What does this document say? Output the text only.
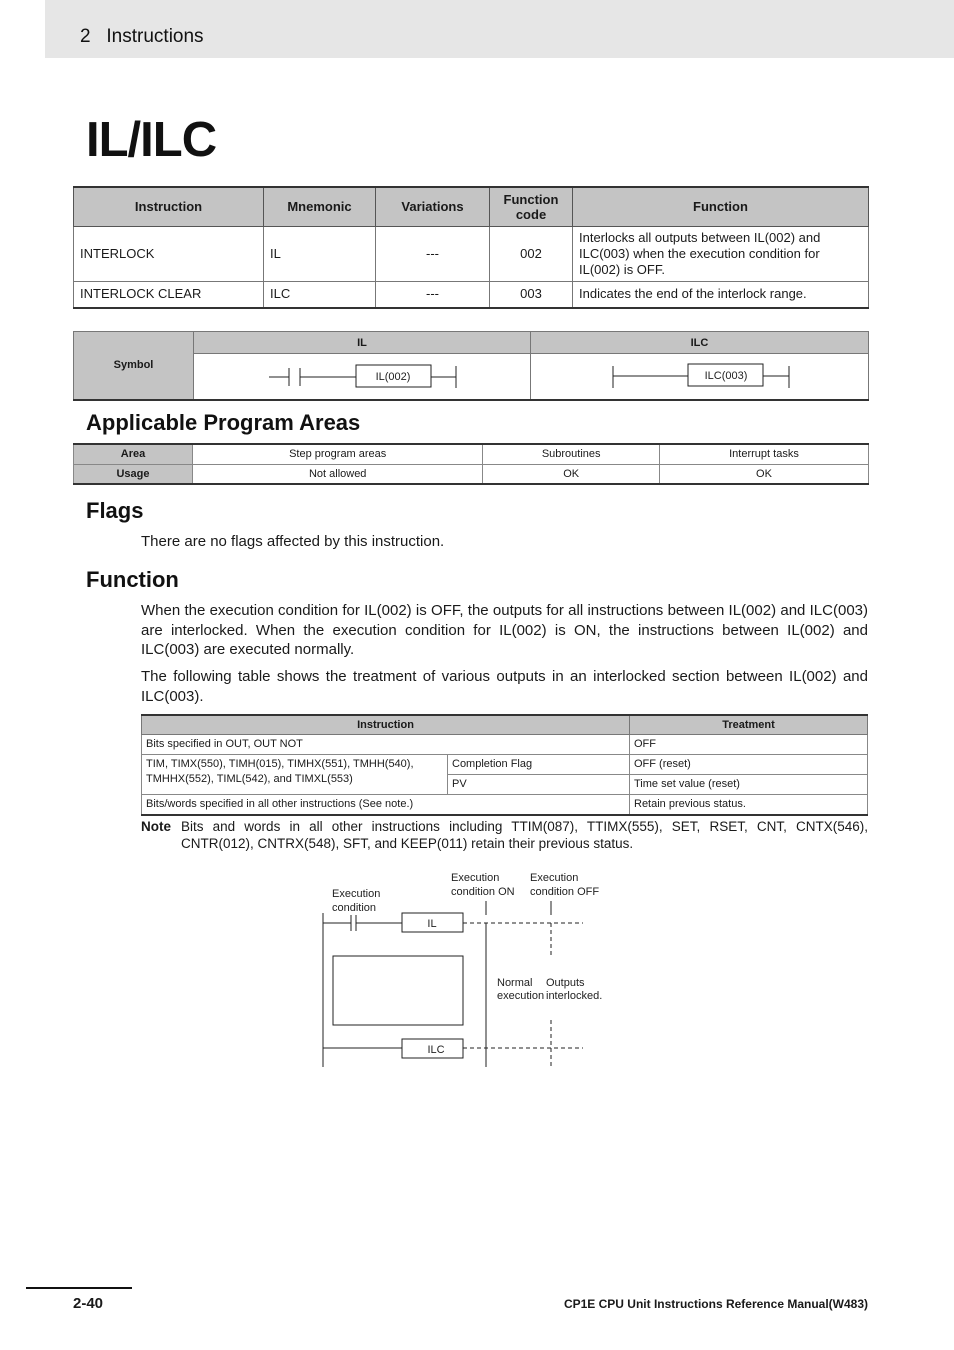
2   Instructions
IL/ILC
Instruction	Mnemonic	Variations	Function code	Function
INTERLOCK	IL	---	002	Interlocks all outputs between IL(002) and ILC(003) when the execution condition for IL(002) is OFF.
INTERLOCK CLEAR	ILC	---	003	Indicates the end of the interlock range.
Symbol	IL	ILC

IL(002)	ILC(003)
Applicable Program Areas
Area	Step program areas	Subroutines	Interrupt tasks
Usage	Not allowed	OK	OK
Flags
There are no flags affected by this instruction.
Function
When the execution condition for IL(002) is OFF, the outputs for all instructions between IL(002) and ILC(003) are interlocked. When the execution condition for IL(002) is ON, the instructions between IL(002) and ILC(003) are executed normally.
The following table shows the treatment of various outputs in an interlocked section between IL(002) and ILC(003).
Instruction		Treatment
Bits specified in OUT, OUT NOT		OFF
TIM, TIMX(550), TIMH(015), TIMHX(551), TMHH(540), TMHHX(552), TIML(542), and TIMXL(553)	Completion Flag	OFF (reset)
	PV	Time set value (reset)
Bits/words specified in all other instructions (See note.)		Retain previous status.
Note Bits and words in all other instructions including TTIM(087), TTIMX(555), SET, RSET, CNT, CNTX(546), CNTR(012), CNTRX(548), SFT, and KEEP(011) retain their previous status.
Execution
condition
Execution
condition ON
Execution
condition OFF
Normal
execution
Outputs
interlocked.
IL
ILC
2-40	CP1E CPU Unit Instructions Reference Manual(W483)
